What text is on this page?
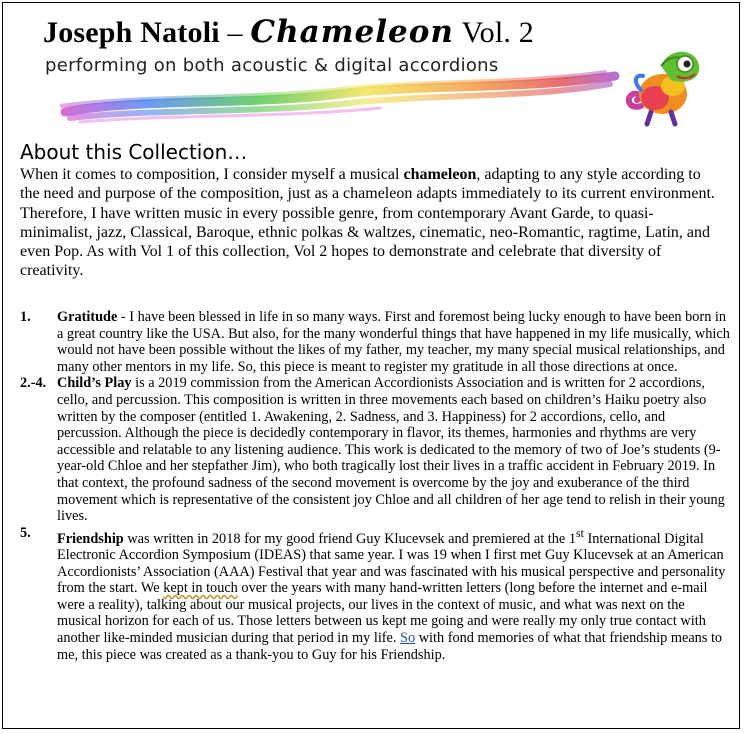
Joseph Natoli – Chameleon Vol. 2
performing on both acoustic & digital accordions
About this Collection…
When it comes to composition, I consider myself a musical chameleon, adapting to any style according to the need and purpose of the composition, just as a chameleon adapts immediately to its current environment. Therefore, I have written music in every possible genre, from contemporary Avant Garde, to quasi-minimalist, jazz, Classical, Baroque, ethnic polkas & waltzes, cinematic, neo-Romantic, ragtime, Latin, and even Pop. As with Vol 1 of this collection, Vol 2 hopes to demonstrate and celebrate that diversity of creativity.
1.	Gratitude - I have been blessed in life in so many ways. First and foremost being lucky enough to have been born in a great country like the USA. But also, for the many wonderful things that have happened in my life musically, which would not have been possible without the likes of my father, my teacher, my many special musical relationships, and many other mentors in my life. So, this piece is meant to register my gratitude in all those directions at once.
2.-4. Child’s Play is a 2019 commission from the American Accordionists Association and is written for 2 accordions, cello, and percussion. This composition is written in three movements each based on children’s Haiku poetry also written by the composer (entitled 1. Awakening, 2. Sadness, and 3. Happiness) for 2 accordions, cello, and percussion. Although the piece is decidedly contemporary in flavor, its themes, harmonies and rhythms are very accessible and relatable to any listening audience. This work is dedicated to the memory of two of Joe’s students (9-year-old Chloe and her stepfather Jim), who both tragically lost their lives in a traffic accident in February 2019. In that context, the profound sadness of the second movement is overcome by the joy and exuberance of the third movement which is representative of the consistent joy Chloe and all children of her age tend to relish in their young lives.
5.	Friendship was written in 2018 for my good friend Guy Klucevsek and premiered at the 1st International Digital Electronic Accordion Symposium (IDEAS) that same year. I was 19 when I first met Guy Klucevsek at an American Accordionists’ Association (AAA) Festival that year and was fascinated with his musical perspective and personality from the start. We kept in touch over the years with many hand-written letters (long before the internet and e-mail were a reality), talking about our musical projects, our lives in the context of music, and what was next on the musical horizon for each of us. Those letters between us kept me going and were really my only true contact with another like-minded musician during that period in my life. So with fond memories of what that friendship means to me, this piece was created as a thank-you to Guy for his Friendship.
